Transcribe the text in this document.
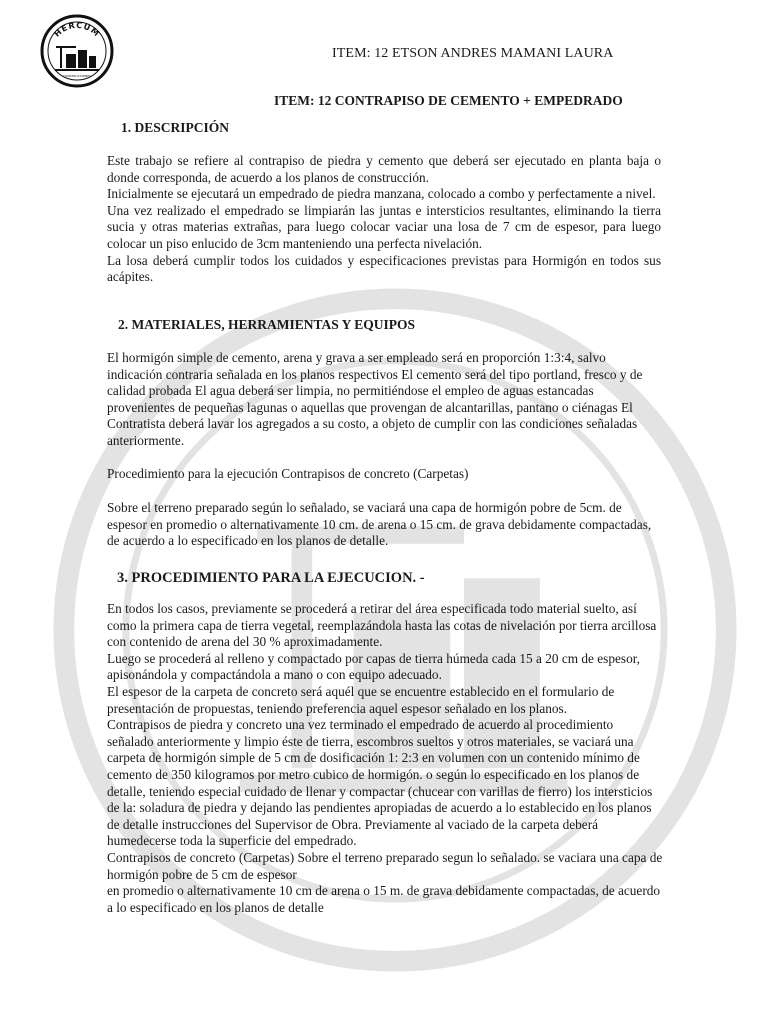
HERCUM
CONSTRUCCIONES
ITEM: 12 ETSON ANDRES MAMANI LAURA
ITEM: 12 CONTRAPISO DE CEMENTO + EMPEDRADO
1. DESCRIPCIÓN
Este trabajo se refiere al contrapiso de piedra y cemento que deberá ser ejecutado en planta baja o donde corresponda, de acuerdo a los planos de construcción.
Inicialmente se ejecutará un empedrado de piedra manzana, colocado a combo y perfectamente a nivel.
Una vez realizado el empedrado se limpiarán las juntas e intersticios resultantes, eliminando la tierra sucia y otras materias extrañas, para luego colocar vaciar una losa de 7 cm de espesor, para luego colocar un piso enlucido de 3cm manteniendo una perfecta nivelación.
La losa deberá cumplir todos los cuidados y especificaciones previstas para Hormigón en todos sus acápites.
2. MATERIALES, HERRAMIENTAS Y EQUIPOS
El hormigón simple de cemento, arena y grava a ser empleado será en proporción 1:3:4, salvo indicación contraria señalada en los planos respectivos El cemento será del tipo portland, fresco y de calidad probada El agua deberá ser limpia, no permitiéndose el empleo de aguas estancadas provenientes de pequeñas lagunas o aquellas que provengan de alcantarillas, pantano o ciénagas El Contratista deberá lavar los agregados a su costo, a objeto de cumplir con las condiciones señaladas anteriormente.
Procedimiento para la ejecución Contrapisos de concreto (Carpetas)
Sobre el terreno preparado según lo señalado, se vaciará una capa de hormigón pobre de 5cm. de espesor en promedio o alternativamente 10 cm. de arena o 15 cm. de grava debidamente compactadas, de acuerdo a lo especificado en los planos de detalle.
3. PROCEDIMIENTO PARA LA EJECUCION. -
En todos los casos, previamente se procederá a retirar del área especificada todo material suelto, así como la primera capa de tierra vegetal, reemplazándola hasta las cotas de nivelación por tierra arcillosa con contenido de arena del 30 % aproximadamente.
Luego se procederá al relleno y compactado por capas de tierra húmeda cada 15 a 20 cm de espesor, apisonándola y compactándola a mano o con equipo adecuado.
El espesor de la carpeta de concreto será aquél que se encuentre establecido en el formulario de presentación de propuestas, teniendo preferencia aquel espesor señalado en los planos.
Contrapisos de piedra y concreto una vez terminado el empedrado de acuerdo al procedimiento señalado anteriormente y limpio éste de tierra, escombros sueltos y otros materiales, se vaciará una carpeta de hormigón simple de 5 cm de dosificación 1: 2:3 en volumen con un contenido mínimo de cemento de 350 kilogramos por metro cubico de hormigón. o según lo especificado en los planos de detalle, teniendo especial cuidado de llenar y compactar (chucear con varillas de fierro) los intersticios de la: soladura de piedra y dejando las pendientes apropiadas de acuerdo a lo establecido en los planos de detalle instrucciones del Supervisor de Obra. Previamente al vaciado de la carpeta deberá humedecerse toda la superficie del empedrado.
Contrapisos de concreto (Carpetas) Sobre el terreno preparado segun lo señalado. se vaciara una capa de hormigón pobre de 5 cm de espesor
en promedio o alternativamente 10 cm de arena o 15 m. de grava debidamente compactadas, de acuerdo
a lo especificado en los planos de detalle
